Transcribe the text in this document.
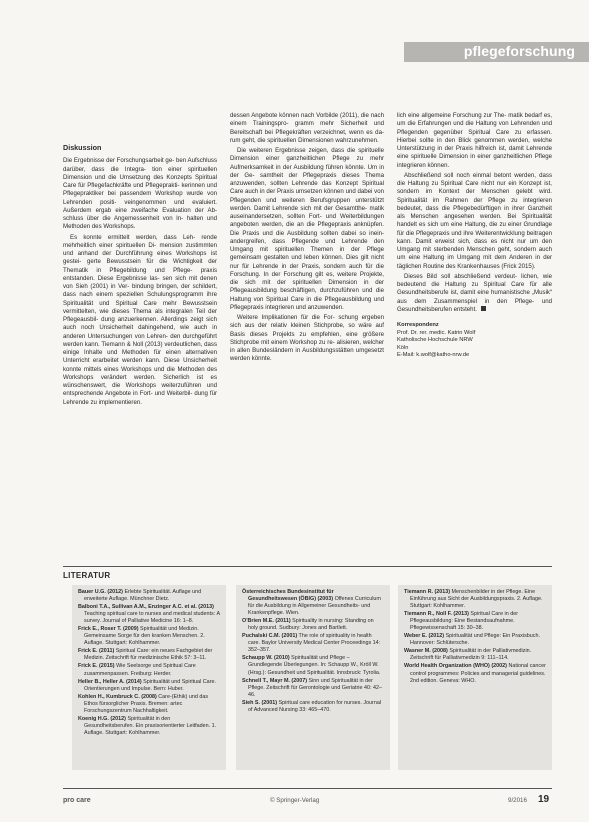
pflegeforschung
Diskussion

Die Ergebnisse der Forschungsarbeit ge- ben Aufschluss darüber, dass die Integra- tion einer spirituellen Dimension und die Umsetzung des Konzepts Spiritual Care für Pflegefachkräfte und Pflegeprakti- kerinnen und Pflegepraktiker bei passendem Workshop wurde von Lehrenden positi- veingenommen und evaluiert. Außerdem ergab eine zweifache Evaluation der Ab- schluss über die Angemessenheit von In- halten und Methoden des Workshops.

Es konnte ermittelt werden, dass Leh- rende mehrheitlich einer spirituellen Di- mension zustimmten und anhand der Durchführung eines Workshops ist gestei- gerte Bewusstsein für die Wichtigkeit der Thematik in Pflegebildung und Pflege- praxis entstanden. Diese Ergebnisse las- sen sich mit denen von Sieh (2001) in Ver- bindung bringen, der schildert, dass nach einem speziellen Schulungsprogramm ihre Spiritualität und Spiritual Care mehr Bewusstsein vermittelten, wie dieses Thema als integralen Teil der Pflegeausbil- dung anzuerkennen. Allerdings zeigt sich auch noch Unsicherheit dahingehend, wie auch in anderen Untersuchungen von Lehren- den durchgeführt werden kann. Tiemann & Noll (2013) verdeutlichen, dass einige Inhalte und Methoden für einen alternativen Unterricht erarbeitet werden kann. Diese Unsicherheit konnte mittels eines Workshops und die Methoden des Workshops verändert werden. Sicherlich ist es wünschenswert, die Workshops weiterzuführen und entsprechende Angebote in Fort- und Weiterbil- dung für Lehrende zu implementieren.

dessen Angebote können nach Vorbilde (2011), die nach einem Trainingspro- gramm mehr Sicherheit und Bereitschaft bei Pflegekräften verzeichnet, wenn es da- rum geht, die spirituellen Dimensionen wahrzunehmen.

Die weiteren Ergebnisse zeigen, dass die spirituelle Dimension einer ganzheitlichen Pflege zu mehr Aufmerksamkeit in der Ausbildung führen könnte. Um in der Ge- samtheit der Pflegepraxis dieses Thema anzuwenden, sollten Lehrende das Konzept Spiritual Care auch in der Praxis umsetzen können und dabei von Pflegenden und weiteren Berufsgruppen unterstützt werden. Damit Lehrende sich mit der Gesamtthe- matik auseinandersetzen, sollten Fort- und Weiterbildungen angeboten werden, die an die Pflegepraxis anknüpfen. Die Praxis und die Ausbildung sollten dabei so inein- andergreifen, dass Pflegende und Lehrende den Umgang mit spirituellen Themen in der Pflege gemeinsam gestalten und leben können. Dies gilt nicht nur für Lehrende in der Praxis, sondern auch für die Forschung. In der Forschung gilt es, weitere Projekte, die sich mit der spirituellen Dimension in der Pflegeausbildung beschäftigen, durchzuführen und die Haltung von Spiritual Care in die Pflegeausbildung und Pflegepraxis integrieren und anzuwenden.

Weitere Implikationen für die For- schung ergeben sich aus der relativ kleinen Stichprobe, so wäre auf Basis dieses Projekts zu empfehlen, eine größere Stichprobe mit einem Workshop zu re- alisieren, welcher in allen Bundesländern in Ausbildungsstätten umgesetzt werden könnte.

lich eine allgemeine Forschung zur The- matik bedarf es, um die Erfahrungen und die Haltung von Lehrenden und Pflegenden gegenüber Spiritual Care zu erfassen. Hierbei sollte in den Blick genommen werden, welche Unterstützung in der Praxis hilfreich ist, damit Lehrende eine spirituelle Dimension in einer ganzheitlichen Pflege integrieren können.

Abschließend soll noch einmal betont werden, dass die Haltung zu Spiritual Care nicht nur ein Konzept ist, sondern im Kontext der Menschen gelebt wird. Spiritualität im Rahmen der Pflege zu integrieren bedeutet, dass die Pflegebedürftigen in ihrer Ganzheit als Menschen angesehen werden. Bei Spiritualität handelt es sich um eine Haltung, die zu einer Grundlage für die Pflegepraxis und ihre Weiterentwicklung beitragen kann. Damit erweist sich, dass es nicht nur um den Umgang mit sterbenden Menschen geht, sondern auch um eine Haltung im Umgang mit dem Anderen in der täglichen Routine des Krankenhauses (Frick 2015).

Dieses Bild soll abschließend verdeut- lichen, wie bedeutend die Haltung zu Spiritual Care für alle Gesundheitsberufe ist, damit eine humanistische „Musik“ aus dem Zusammenspiel in den Pflege- und Gesundheitsberufen entsteht.

Korrespondenz
Prof. Dr. rer. medic. Katrin Wolf
Katholische Hochschule NRW
Köln
E-Mail: k.wolf@katho-nrw.de
LITERATUR

Bauer U.G. (2012) Erlebte Spiritualität. Auflage und erweiterte Auflage. Münchner Dietz.

Balboni T.A., Sullivan A.M., Enzinger A.C. et al. (2013) Teaching spiritual care to nurses and medical students: A survey. Journal of Palliative Medicine 16: 1–8.

Frick E., Roser T. (2009) Spiritualität und Medizin. Gemeinsame Sorge für den kranken Menschen. 2. Auflage. Stuttgart: Kohlhammer.

Frick E. (2011) Spiritual Care: ein neues Fachgebiet der Medizin. Zeitschrift für medizinische Ethik 57: 3–11.

Frick E. (2015) Wie Seelsorge und Spiritual Care zusammenpassen. Freiburg: Herder.

Heller B., Heller A. (2014) Spiritualität und Spiritual Care. Orientierungen und Impulse. Bern: Huber.

Kohlen H., Kumbruck C. (2008) Care-(Ethik) und das Ethos fürsorglicher Praxis. Bremen: artec Forschungszentrum Nachhaltigkeit.

Koenig H.G. (2012) Spiritualität in den Gesundheitsberufen. Ein praxisorientierter Leitfaden. 1. Auflage. Stuttgart: Kohlhammer.

Österreichisches Bundesinstitut für Gesundheitswesen (ÖBIG) (2003) Offenes Curriculum für die Ausbildung in Allgemeiner Gesundheits- und Krankenpflege. Wien.

O'Brien M.E. (2011) Spirituality in nursing: Standing on holy ground. Sudbury: Jones and Bartlett.

Puchalski C.M. (2001) The role of spirituality in health care. Baylor University Medical Center Proceedings 14: 352–357.

Schaupp W. (2010) Spiritualität und Pflege – Grundlegende Überlegungen. In: Schaupp W., Kröll W. (Hrsg.): Gesundheit und Spiritualität. Innsbruck: Tyrolia.

Schnell T., Mayr M. (2007) Sinn und Spiritualität in der Pflege. Zeitschrift für Gerontologie und Geriatrie 40: 42–46.

Sieh S. (2001) Spiritual care education for nurses. Journal of Advanced Nursing 33: 465–470.

Tiemann R. (2013) Menschenbilder in der Pflege. Eine Einführung aus Sicht der Ausbildungspraxis. 2. Auflage. Stuttgart: Kohlhammer.

Tiemann R., Noll F. (2013) Spiritual Care in der Pflegeausbildung: Eine Bestandsaufnahme. Pflegewissenschaft 15: 30–38.

Weber E. (2012) Spiritualität und Pflege: Ein Praxisbuch. Hannover: Schlütersche.

Wasner M. (2008) Spiritualität in der Palliativmedizin. Zeitschrift für Palliativmedizin 9: 111–114.

World Health Organization (WHO) (2002) National cancer control programmes: Policies and managerial guidelines. 2nd edition. Geneva: WHO.

pro care	© Springer-Verlag	9/2016 19
